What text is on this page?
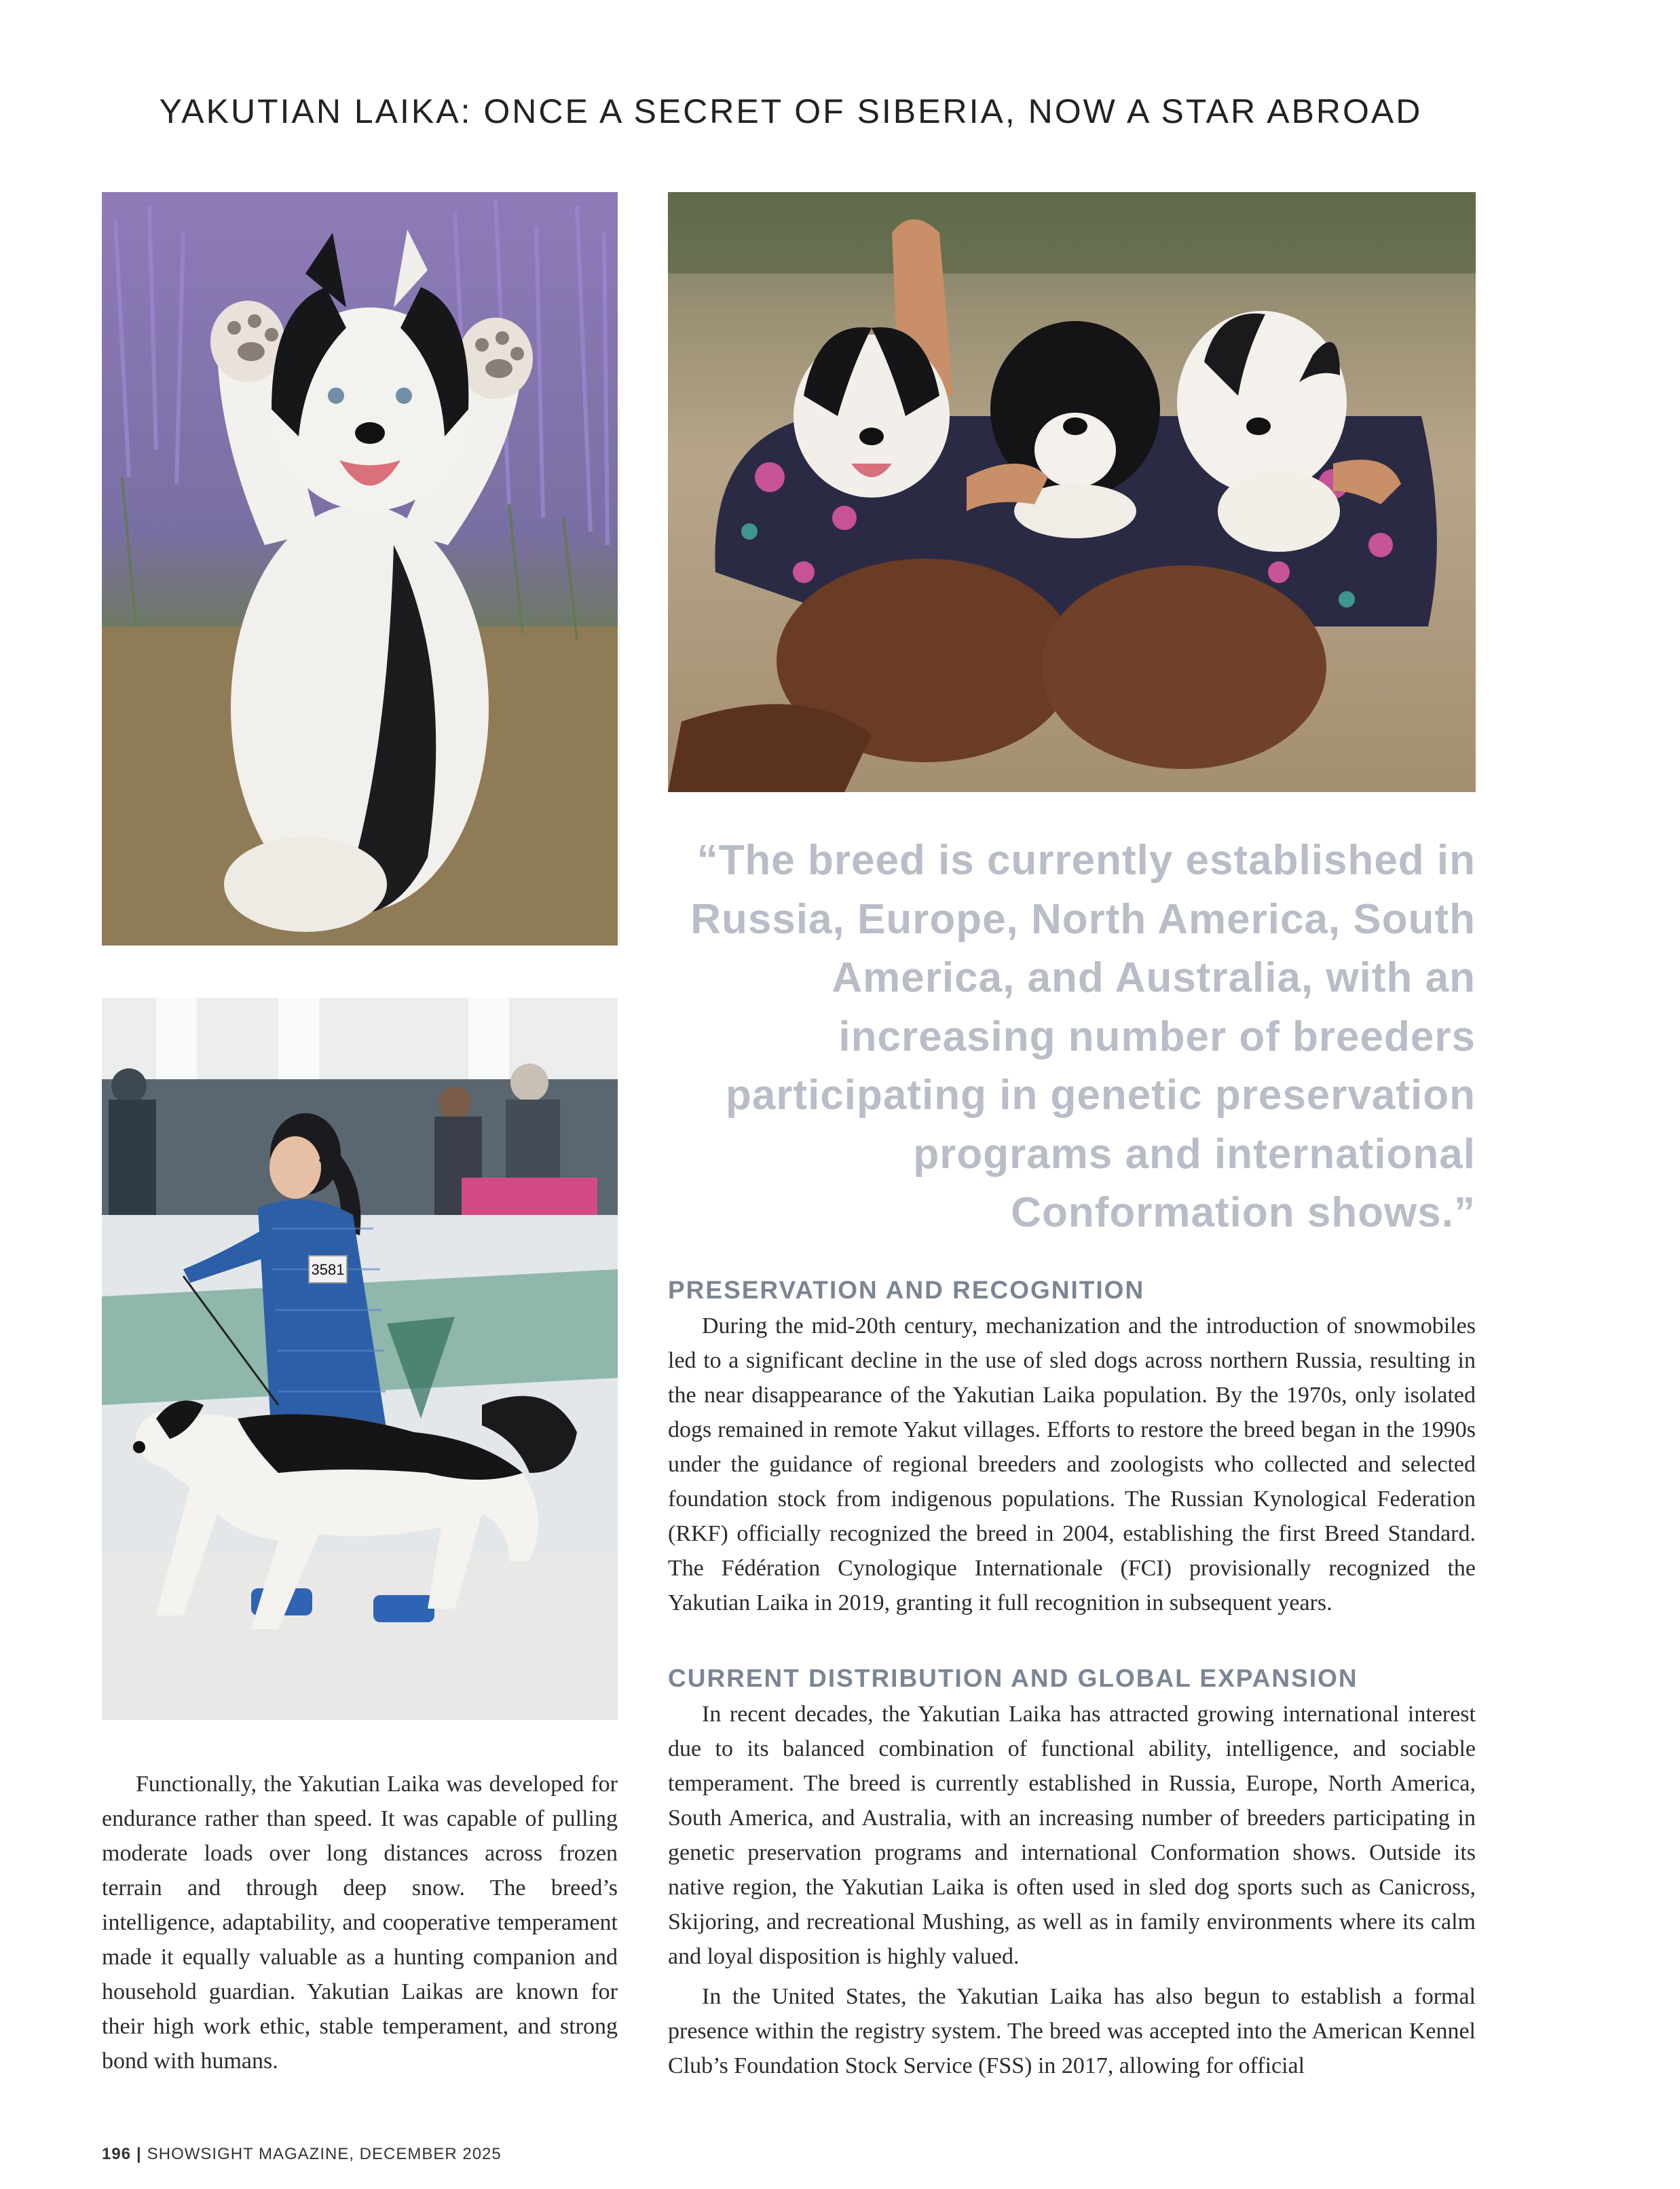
YAKUTIAN LAIKA: ONCE A SECRET OF SIBERIA, NOW A STAR ABROAD
“The breed is currently established in Russia, Europe, North America, South America, and Australia, with an increasing number of breeders participating in genetic preservation programs and international Conformation shows.”
3581
PRESERVATION AND RECOGNITION

During the mid-20th century, mechanization and the introduction of snowmobiles led to a significant decline in the use of sled dogs across northern Russia, resulting in the near disappearance of the Yakutian Laika population. By the 1970s, only isolated dogs remained in remote Yakut villages. Efforts to restore the breed began in the 1990s under the guidance of regional breeders and zoologists who collected and selected foundation stock from indigenous populations. The Russian Kynological Federation (RKF) officially recognized the breed in 2004, establishing the first Breed Standard. The Fédération Cynologique Internationale (FCI) provisionally recognized the Yakutian Laika in 2019, granting it full recognition in subsequent years.

CURRENT DISTRIBUTION AND GLOBAL EXPANSION

In recent decades, the Yakutian Laika has attracted growing international interest due to its balanced combination of functional ability, intelligence, and sociable temperament. The breed is currently established in Russia, Europe, North America, South America, and Australia, with an increasing number of breeders participating in genetic preservation programs and international Conformation shows. Outside its native region, the Yakutian Laika is often used in sled dog sports such as Canicross, Skijoring, and recreational Mushing, as well as in family environments where its calm and loyal disposition is highly valued.

In the United States, the Yakutian Laika has also begun to establish a formal presence within the registry system. The breed was accepted into the American Kennel Club’s Foundation Stock Service (FSS) in 2017, allowing for official

Functionally, the Yakutian Laika was developed for endurance rather than speed. It was capable of pulling moderate loads over long distances across frozen terrain and through deep snow. The breed’s intelligence, adaptability, and cooperative temperament made it equally valuable as a hunting companion and household guardian. Yakutian Laikas are known for their high work ethic, stable temperament, and strong bond with humans.

196 | SHOWSIGHT MAGAZINE, DECEMBER 2025
